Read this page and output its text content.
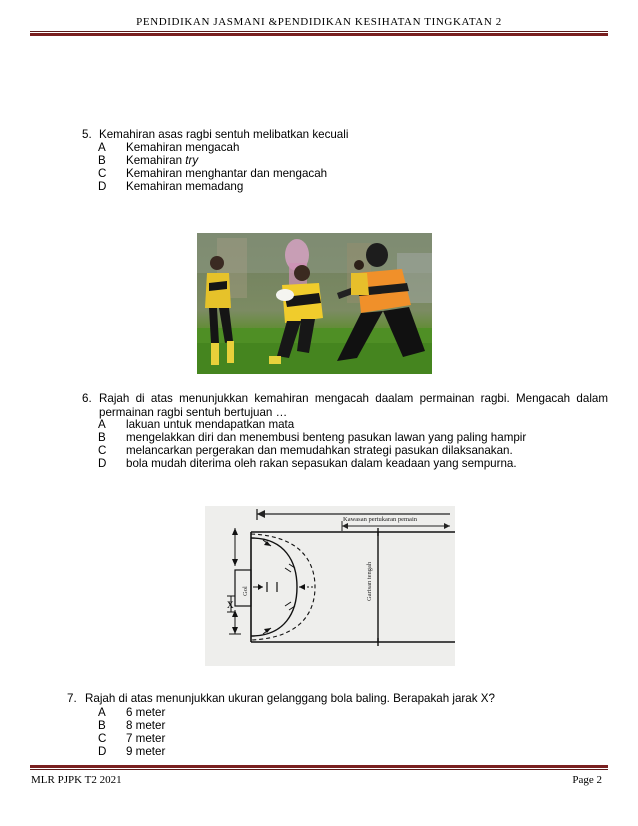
PENDIDIKAN JASMANI &PENDIDIKAN KESIHATAN TINGKATAN 2
5. Kemahiran asas ragbi sentuh melibatkan kecuali
A Kemahiran mengacah
B Kemahiran try
C Kemahiran menghantar dan mengacah
D Kemahiran memadang
6. Rajah di atas menunjukkan kemahiran mengacah daalam permainan ragbi. Mengacah dalam
permainan ragbi sentuh bertujuan …
A lakuan untuk mendapatkan mata
B mengelakkan diri dan menembusi benteng pasukan lawan yang paling hampir
C melancarkan pergerakan dan memudahkan strategi pasukan dilaksanakan.
D bola mudah diterima oleh rakan sepasukan dalam keadaan yang sempurna.
Kawasan pertukaran pemain
Garisan tengah
Gol
X
7. Rajah di atas menunjukkan ukuran gelanggang bola baling. Berapakah jarak X?
A 6 meter
B 8 meter
C 7 meter
D 9 meter
MLR PJPK T2 2021	Page 2
